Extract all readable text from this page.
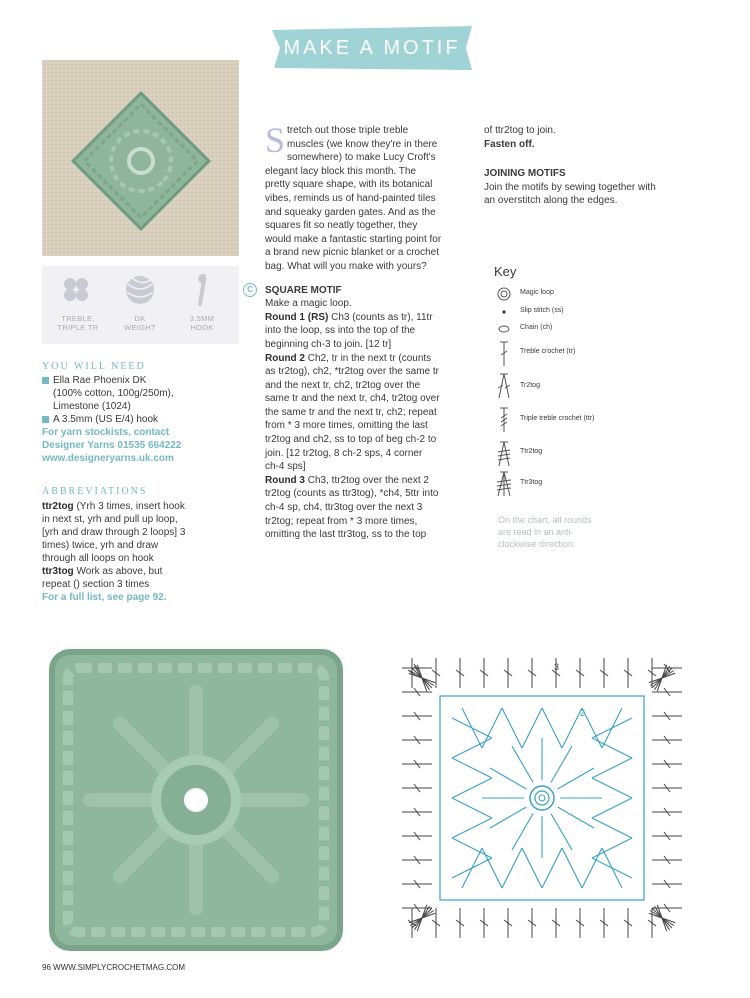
MAKE A MOTIF
TREBLE,
TRIPLE TR
DK
WEIGHT
3.5MM
HOOK
YOU WILL NEED
Ella Rae Phoenix DK
(100% cotton, 100g/250m),
Limestone (1024)
A 3.5mm (US E/4) hook
For yarn stockists, contact
Designer Yarns 01535 664222
www.designeryarns.uk.com
ABBREVIATIONS
ttr2tog (Yrh 3 times, insert hook
in next st, yrh and pull up loop,
[yrh and draw through 2 loops] 3
times) twice, yrh and draw
through all loops on hook
ttr3tog Work as above, but
repeat () section 3 times
For a full list, see page 92.
S tretch out those triple treble
muscles (we know they're in there
somewhere) to make Lucy Croft's
elegant lacy block this month. The
pretty square shape, with its botanical
vibes, reminds us of hand-painted tiles
and squeaky garden gates. And as the
squares fit so neatly together, they
would make a fantastic starting point for
a brand new picnic blanket or a crochet
bag. What will you make with yours?
C	SQUARE MOTIF
Make a magic loop.
Round 1 (RS) Ch3 (counts as tr), 11tr
into the loop, ss into the top of the
beginning ch-3 to join. [12 tr]
Round 2 Ch2, tr in the next tr (counts
as tr2tog), ch2, *tr2tog over the same tr
and the next tr, ch2, tr2tog over the
same tr and the next tr, ch4, tr2tog over
the same tr and the next tr, ch2; repeat
from * 3 more times, omitting the last
tr2tog and ch2, ss to top of beg ch-2 to
join. [12 tr2tog, 8 ch-2 sps, 4 corner
ch-4 sps]
Round 3 Ch3, ttr2tog over the next 2
tr2tog (counts as ttr3tog), *ch4, 5ttr into
ch-4 sp, ch4, ttr3tog over the next 3
tr2tog; repeat from * 3 more times,
omitting the last ttr3tog, ss to the top
of ttr2tog to join.
Fasten off.
JOINING MOTIFS
Join the motifs by sewing together with
an overstitch along the edges.
Key
Magic loop
Slip stitch (ss)
Chain (ch)
Treble crochet (tr)
Tr2tog
Triple treble crochet (ttr)
Ttr2tog
Ttr3tog
On the chart, all rounds
are read in an anti-
clockwise direction.
2
3
96 WWW.SIMPLYCROCHETMAG.COM
